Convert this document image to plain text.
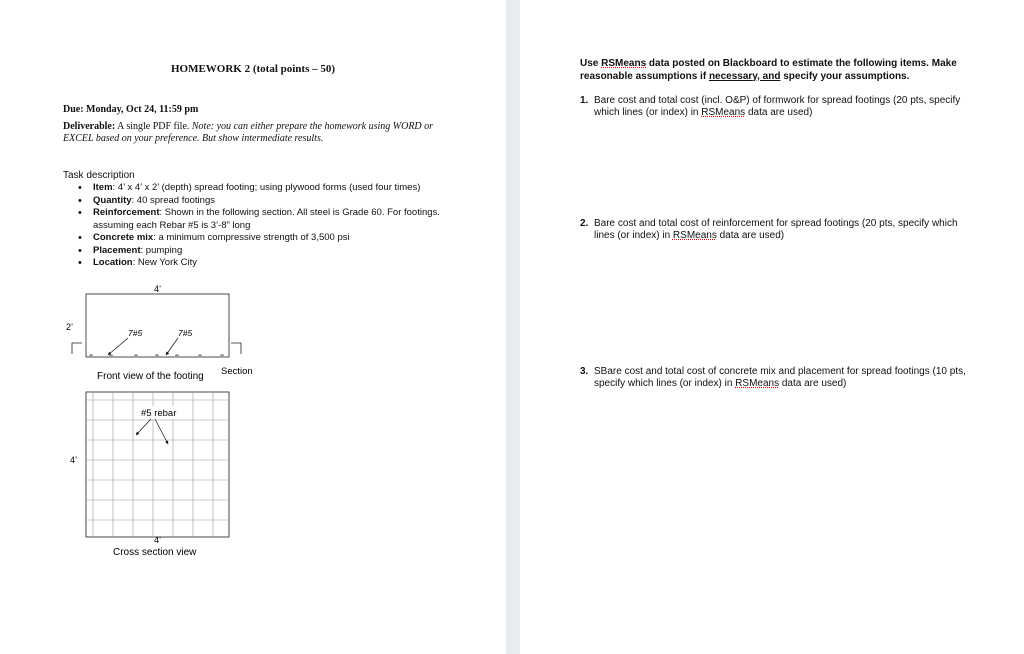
HOMEWORK 2 (total points – 50)
Due: Monday, Oct 24, 11:59 pm
Deliverable: A single PDF file. Note: you can either prepare the homework using WORD or EXCEL based on your preference. But show intermediate results.
Task description
• Item: 4’ x 4’ x 2’ (depth) spread footing; using plywood forms (used four times)
• Quantity: 40 spread footings
• Reinforcement: Shown in the following section. All steel is Grade 60. For footings. assuming each Rebar #5 is 3’-8” long
• Concrete mix: a minimum compressive strength of 3,500 psi
• Placement: pumping
• Location: New York City
4’
2’
7#5	7#5
Front view of the footing Section
#5 rebar
4’
4’
Cross section view
Use RSMeans data posted on Blackboard to estimate the following items. Make reasonable assumptions if necessary, and specify your assumptions.
1. Bare cost and total cost (incl. O&P) of formwork for spread footings (20 pts, specify which lines (or index) in RSMeans data are used)
2. Bare cost and total cost of reinforcement for spread footings (20 pts, specify which lines (or index) in RSMeans data are used)
3. SBare cost and total cost of concrete mix and placement for spread footings (10 pts, specify which lines (or index) in RSMeans data are used)
